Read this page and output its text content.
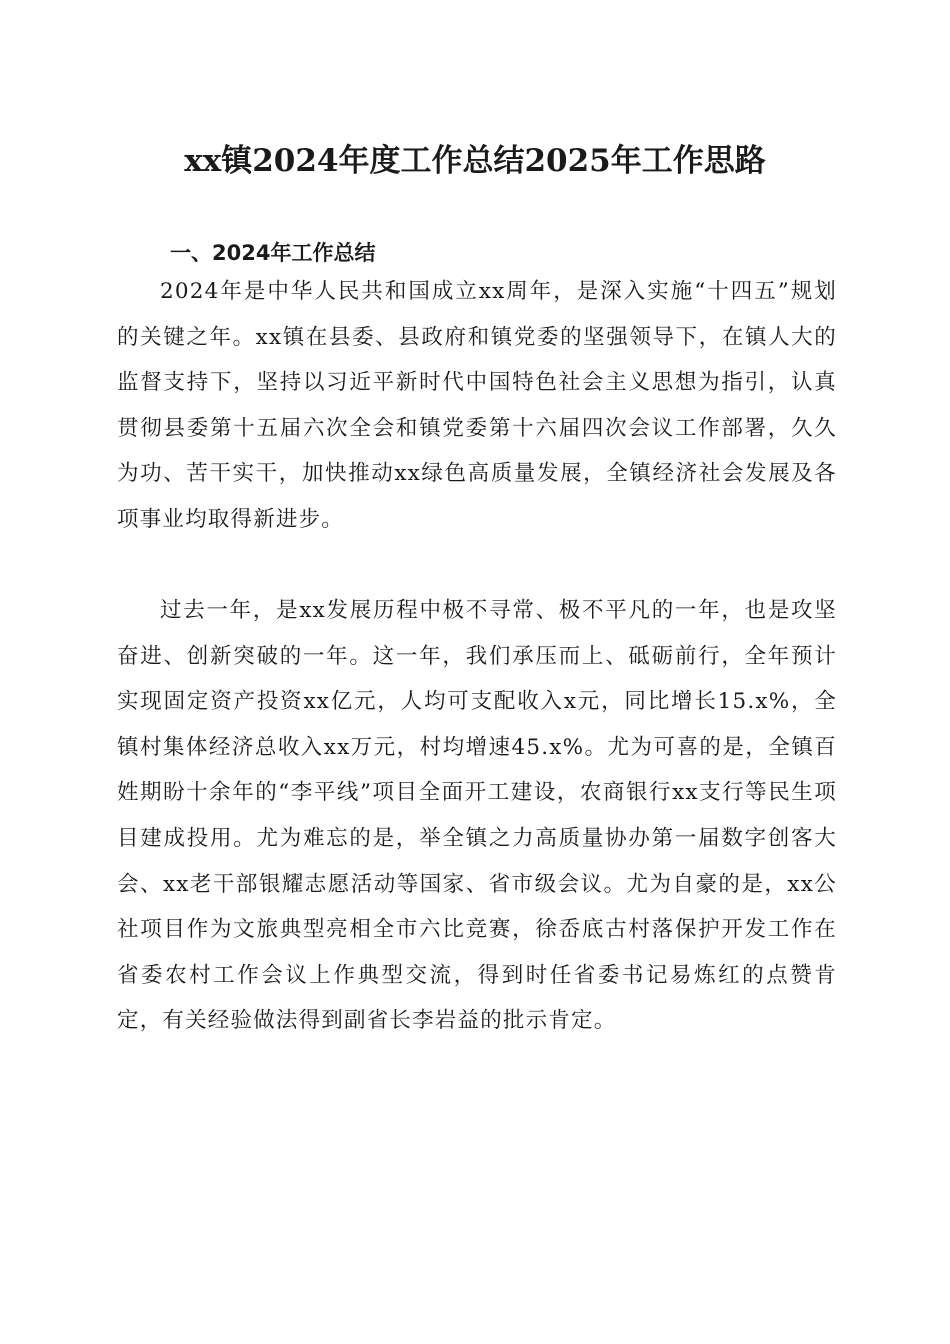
xx镇2024年度工作总结2025年工作思路
一、2024年工作总结

2024年是中华人民共和国成立xx周年，是深入实施“十四五”规划的关键之年。xx镇在县委、县政府和镇党委的坚强领导下，在镇人大的监督支持下，坚持以习近平新时代中国特色社会主义思想为指引，认真贯彻县委第十五届六次全会和镇党委第十六届四次会议工作部署，久久为功、苦干实干，加快推动xx绿色高质量发展，全镇经济社会发展及各项事业均取得新进步。

过去一年，是xx发展历程中极不寻常、极不平凡的一年，也是攻坚奋进、创新突破的一年。这一年，我们承压而上、砥砺前行，全年预计实现固定资产投资xx亿元，人均可支配收入x元，同比增长15.x%，全镇村集体经济总收入xx万元，村均增速45.x%。尤为可喜的是，全镇百姓期盼十余年的“李平线”项目全面开工建设，农商银行xx支行等民生项目建成投用。尤为难忘的是，举全镇之力高质量协办第一届数字创客大会、xx老干部银耀志愿活动等国家、省市级会议。尤为自豪的是，xx公社项目作为文旅典型亮相全市六比竞赛，徐岙底古村落保护开发工作在省委农村工作会议上作典型交流，得到时任省委书记易炼红的点赞肯定，有关经验做法得到副省长李岩益的批示肯定。
